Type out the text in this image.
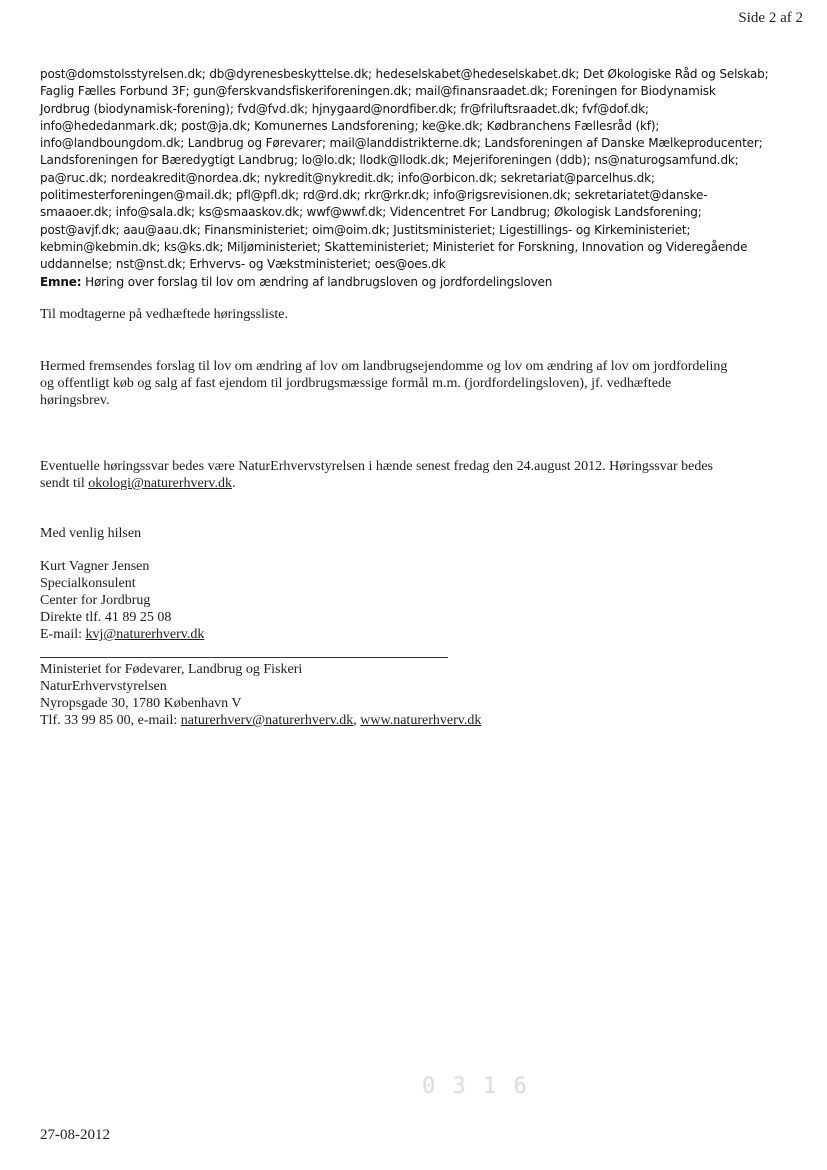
Side 2 af 2
post@domstolsstyrelsen.dk; db@dyrenesbeskyttelse.dk; hedeselskabet@hedeselskabet.dk; Det Økologiske Råd og Selskab;
Faglig Fælles Forbund 3F; gun@ferskvandsfiskeriforeningen.dk; mail@finansraadet.dk; Foreningen for Biodynamisk
Jordbrug (biodynamisk-forening); fvd@fvd.dk; hjnygaard@nordfiber.dk; fr@friluftsraadet.dk; fvf@dof.dk;
info@hededanmark.dk; post@ja.dk; Komunernes Landsforening; ke@ke.dk; Kødbranchens Fællesråd (kf);
info@landboungdom.dk; Landbrug og Førevarer; mail@landdistrikterne.dk; Landsforeningen af Danske Mælkeproducenter;
Landsforeningen for Bæredygtigt Landbrug; lo@lo.dk; llodk@llodk.dk; Mejeriforeningen (ddb); ns@naturogsamfund.dk;
pa@ruc.dk; nordeakredit@nordea.dk; nykredit@nykredit.dk; info@orbicon.dk; sekretariat@parcelhus.dk;
politimesterforeningen@mail.dk; pfl@pfl.dk; rd@rd.dk; rkr@rkr.dk; info@rigsrevisionen.dk; sekretariatet@danske-
smaaoer.dk; info@sala.dk; ks@smaaskov.dk; wwf@wwf.dk; Videncentret For Landbrug; Økologisk Landsforening;
post@avjf.dk; aau@aau.dk; Finansministeriet; oim@oim.dk; Justitsministeriet; Ligestillings- og Kirkeministeriet;
kebmin@kebmin.dk; ks@ks.dk; Miljøministeriet; Skatteministeriet; Ministeriet for Forskning, Innovation og Videregående
uddannelse; nst@nst.dk; Erhvervs- og Vækstministeriet; oes@oes.dk
Emne: Høring over forslag til lov om ændring af landbrugsloven og jordfordelingsloven
Til modtagerne på vedhæftede høringssliste.
Hermed fremsendes forslag til lov om ændring af lov om landbrugsejendomme og lov om ændring af lov om jordfordeling
og offentligt køb og salg af fast ejendom til jordbrugsmæssige formål m.m. (jordfordelingsloven), jf. vedhæftede
høringsbrev.
Eventuelle høringssvar bedes være NaturErhvervstyrelsen i hænde senest fredag den 24.august 2012. Høringssvar bedes
sendt til okologi@naturerhverv.dk.
Med venlig hilsen
Kurt Vagner Jensen
Specialkonsulent
Center for Jordbrug
Direkte tlf. 41 89 25 08
E-mail: kvj@naturerhverv.dk
Ministeriet for Fødevarer, Landbrug og Fiskeri
NaturErhvervstyrelsen
Nyropsgade 30, 1780 København V
Tlf. 33 99 85 00, e-mail: naturerhverv@naturerhverv.dk, www.naturerhverv.dk
0 3 1 6
27-08-2012
